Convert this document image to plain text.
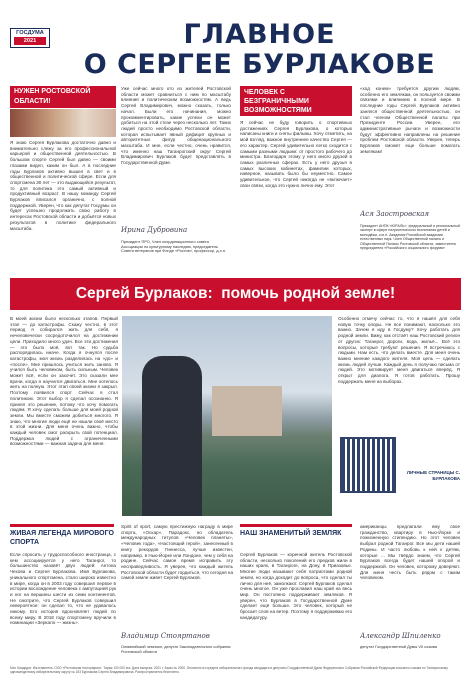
ГОСДУМА
2021	ГЛАВНОЕ
О СЕРГЕЕ БУРЛАКОВЕ
НУЖЕН РОСТОВСКОЙ ОБЛАСТИ!
Я знаю Сергея Бурлакова достаточно давно и внимательно слежу за его профессиональной карьерой и общественной деятельностью. В большом спорте Сергей был давно — своими глазами видел, каким он был. А в последние годы Бурлаков активно вышел в свет и в общественной и политической сфере. Если для спортсмена 30 лет — это выдающийся результат, то для политика это самый активный и продуктивный возраст. В нашу команду Сергей Бурлаков вписался органично, с полной поддержкой. Уверен, что как депутат Госдумы он будет успешно продолжать свою работу в интересах Ростовской области и добьётся новых результатов в политике федерального масштаба.
Уже сейчас много кто из жителей Ростовской области может сравниться с ним по масштабу влияния и политическим возможностям. А ведь Сергей Владимирович, можно сказать, только начал. Были его начинания, можно прокомментировать, какие успехи он может добиться на этой стезе через несколько лет. Таких людей просто необходимо Ростовской области, которая испытывает явный дефицит крупных и авторитетных фигур общенационального масштаба. И мне, если честно, очень нравится, что именно наш Таганрогский округ Сергей Владимирович Бурлаков будет представлять в Государственной Думе.
Ирина Дубровина
Президент ПРО, Член координационного совета Ассоциации по культурному наследию, председатель Совета ветеранов при Фонде «Ростов», профессор, д.э.н.
ЧЕЛОВЕК С БЕЗГРАНИЧНЫМИ ВОЗМОЖНОСТЯМИ
Я сейчас не буду говорить о спортивных достижениях Сергея Бурлакова, о которых написаны книги и сняты фильмы. Хочу отметить, на мой взгляд, важное внутреннее качество Сергея — его характер. Сергей удивительно легко сходится с самыми разными людьми: от простого рабочего до министра. Благодаря этому у него много друзей в самых различных сферах. Есть у него друзья в самых высоких кабинетах, фамилии которых, наверное, называть было бы неуместно. Самое удивительное, что Сергей никогда не «включает» свои связи, когда это нужно лично ему. Этот
«ход конем» требуется другим людям, особенно его землякам, он пользуется своими связями и влиянием в полной мере. В последние годы Сергей Бурлаков активно занялся общественной деятельностью, он стал членом Общественной палаты при Президенте России. Уверен, его административные рычаги и возможности будут эффективно направлены на решение проблем Ростовской области. Уверен, теперь Бурлаков сможет еще больше помогать землякам!
Ася Заостровская
Президент АНПК «ЮРАЛЬ», федеральный и региональный эксперт в сфере патриотического воспитания детей и молодёжи, к.ю.н. Академик Российской академии естественных наук. Член Общественной палаты и Общественной Палаты Ростовской области, заместитель председателя «Российского социального форума»
Сергей Бурлаков:  помочь родной земле!
В моей жизни было несколько этапов. Первый этап — до катастрофы. Скажу честно, в этот период я собирался жить для себя, я нечеловечески сосредоточился на достижении цели. Приходило много удач. Все эти достижения — это было моё, вот так. Но судьба распорядилась иначе. Когда я очнулся после катастрофы, моя жизнь разделилась на «до» и «после». Мне пришлось учиться жить заново. Я учился быть человеком, быть сильным. Человек может всё, если он захочет. Это сказали мне врачи, когда я научился двигаться. Мне хотелось жить на полную. Этот этап своей жизни я закрыл. Поэтому появился спорт. Сейчас я стал политиком. Этот выбор я сделал осознанно. Я принял это решение, потому что хочу помогать людям. Я хочу сделать больше для моей родной земли. Мы вместе сможем добиться многого. Я знаю, что многие люди ещё не нашли своё место в этой жизни. Для меня очень важно, чтобы каждый человек смог раскрыть свой потенциал. Поддержка людей с ограниченными возможностями — важная задача для меня.
Особенно отмечу сейчас то, что я нашёл для себя новую точку опоры. Не все понимают, насколько это важно. Зачем я иду в Госдуму? Хочу работать для родной земли. Вижу, как отстаёт наш Ростовский регион от других: Таганрог, дороги, вода, жильё... Всё это вопросы, которые требуют решения. Я встречаюсь с людьми. Нам есть, что делать вместе. Для меня очень важно мнение каждого жителя. Моя цель — сделать жизнь людей лучше. Каждый день я получаю письма от людей. Это мотивирует меня двигаться вперёд. Я открыт для диалога. Я готов работать. Прошу поддержать меня на выборах.
ЛИЧНЫЕ СТРАНИЦЫ С. БУРЛАКОВА
ЖИВАЯ ЛЕГЕНДА МИРОВОГО СПОРТА
Если спросить у трудоспособного иностранца, с кем ассоциируется у него Таганрог, то большинство назовёт двух людей: Антона Чехова и Сергея Бурлакова. Имя Бурлакова, уникального спортсмена, стало широко известно в мире, когда он в 2003 году совершил первое в истории восхождение человека с ампутацией рук и ног на вершины шести из семи континентов. Не смотрите, что Сергей Бурлаков совершил невероятное: он сделал то, что не удавалось никому. Его история вдохновляет людей по всему миру. В 2018 году спортсмену вручили в номинации «Зеркало — жизнь».
Spirit of sport, самую престижную награду в мире спорта, «Оскар». Парадокс, но обладатель международных титулов «Человек планеты», «Человек года», «Настоящий герой», занесенный в книгу рекордов Гиннесса, лучше известен, например, в Нью-Йорке или Лондоне, чем у себя на родине. Сейчас самое время исправить эту несправедливость. Я уверен, что каждый житель Ростовской области будет гордиться, что сегодня на самой земле живет Сергей Бурлаков.
Владимир Стояртанов
Олимпийский чемпион, депутат Законодательного собрания Ростовской области
НАШ ЗНАМЕНИТЫЙ ЗЕМЛЯК
Сергей Бурлаков — коренной житель Ростовской области, несколько поколений его предков жили в наших краях, в Таганроге, на Дону, в Приазовье. Многие люди называют себя патриотами родной земли, но когда доходит до вопроса, что сделал ты лично для неё, замолкают. Сергей Бурлаков сделал очень многое. Он уже прославил наш край на весь мир. Он постоянно поддерживает земляков. Я уверен, что Бурлаков в Государственной Думе сделает ещё больше. Это человек, который не бросает слов на ветер. Поэтому я поддерживаю его кандидатуру.
американцы предлагали ему свое гражданство, квартиру в Нью-Йорке и пожизненную стипендию. Но этот человек выбрал родной Таганрог. Все мы дети нашей Родины. И часто любовь к ней к детям, которые ... Мы твёрдо знаем, что Сергей Бурлаков всегда будет нашей опорой и поддержкой. Он человек, которому доверяют. Для меня честь быть рядом с таким человеком.
Александр Шпиленко
депутат Государственной Думы VII созыва
Мат. Кандидат. Изготовитель: ООО «Ростовская типография». Тираж 100 000 экз. Дата выпуска: 2021 г. Заказ № 0000. Оплачено из средств избирательного фонда кандидата в депутаты Государственной Думы Федерального Собрания Российской Федерации восьмого созыва по Таганрогскому одномандатному избирательному округу № 153 Бурлакова Сергея Владимировича. Распространяется бесплатно.
